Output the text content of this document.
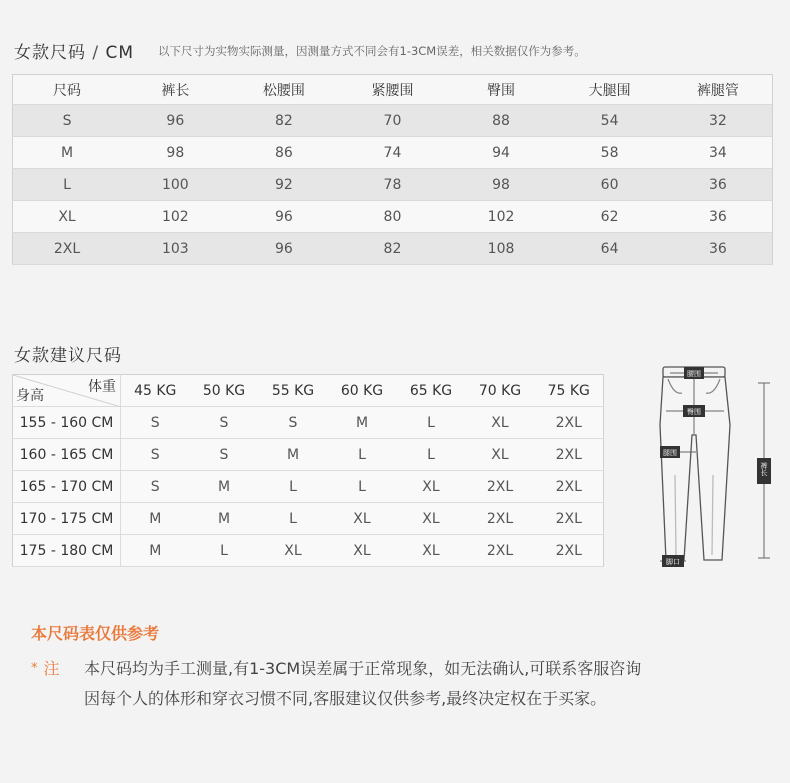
女款尺码 / CM 以下尺寸为实物实际测量，因测量方式不同会有1-3CM误差，相关数据仅作为参考。
尺码	裤长	松腰围	紧腰围	臀围	大腿围	裤腿管
S	96	82	70	88	54	32
M	98	86	74	94	58	34
L	100	92	78	98	60	36
XL	102	96	80	102	62	36
2XL	103	96	82	108	64	36
女款建议尺码
体重
身高	45 KG	50 KG	55 KG	60 KG	65 KG	70 KG	75 KG
155 - 160 CM	S	S	S	M	L	XL	2XL
160 - 165 CM	S	S	M	L	L	XL	2XL
165 - 170 CM	S	M	L	L	XL	2XL	2XL
170 - 175 CM	M	M	L	XL	XL	2XL	2XL
175 - 180 CM	M	L	XL	XL	XL	2XL	2XL
腰围
臀围
腿围
裤长
脚口
本尺码表仅供参考
* 注 本尺码均为手工测量,有1-3CM误差属于正常现象，如无法确认,可联系客服咨询
因每个人的体形和穿衣习惯不同,客服建议仅供参考,最终决定权在于买家。
